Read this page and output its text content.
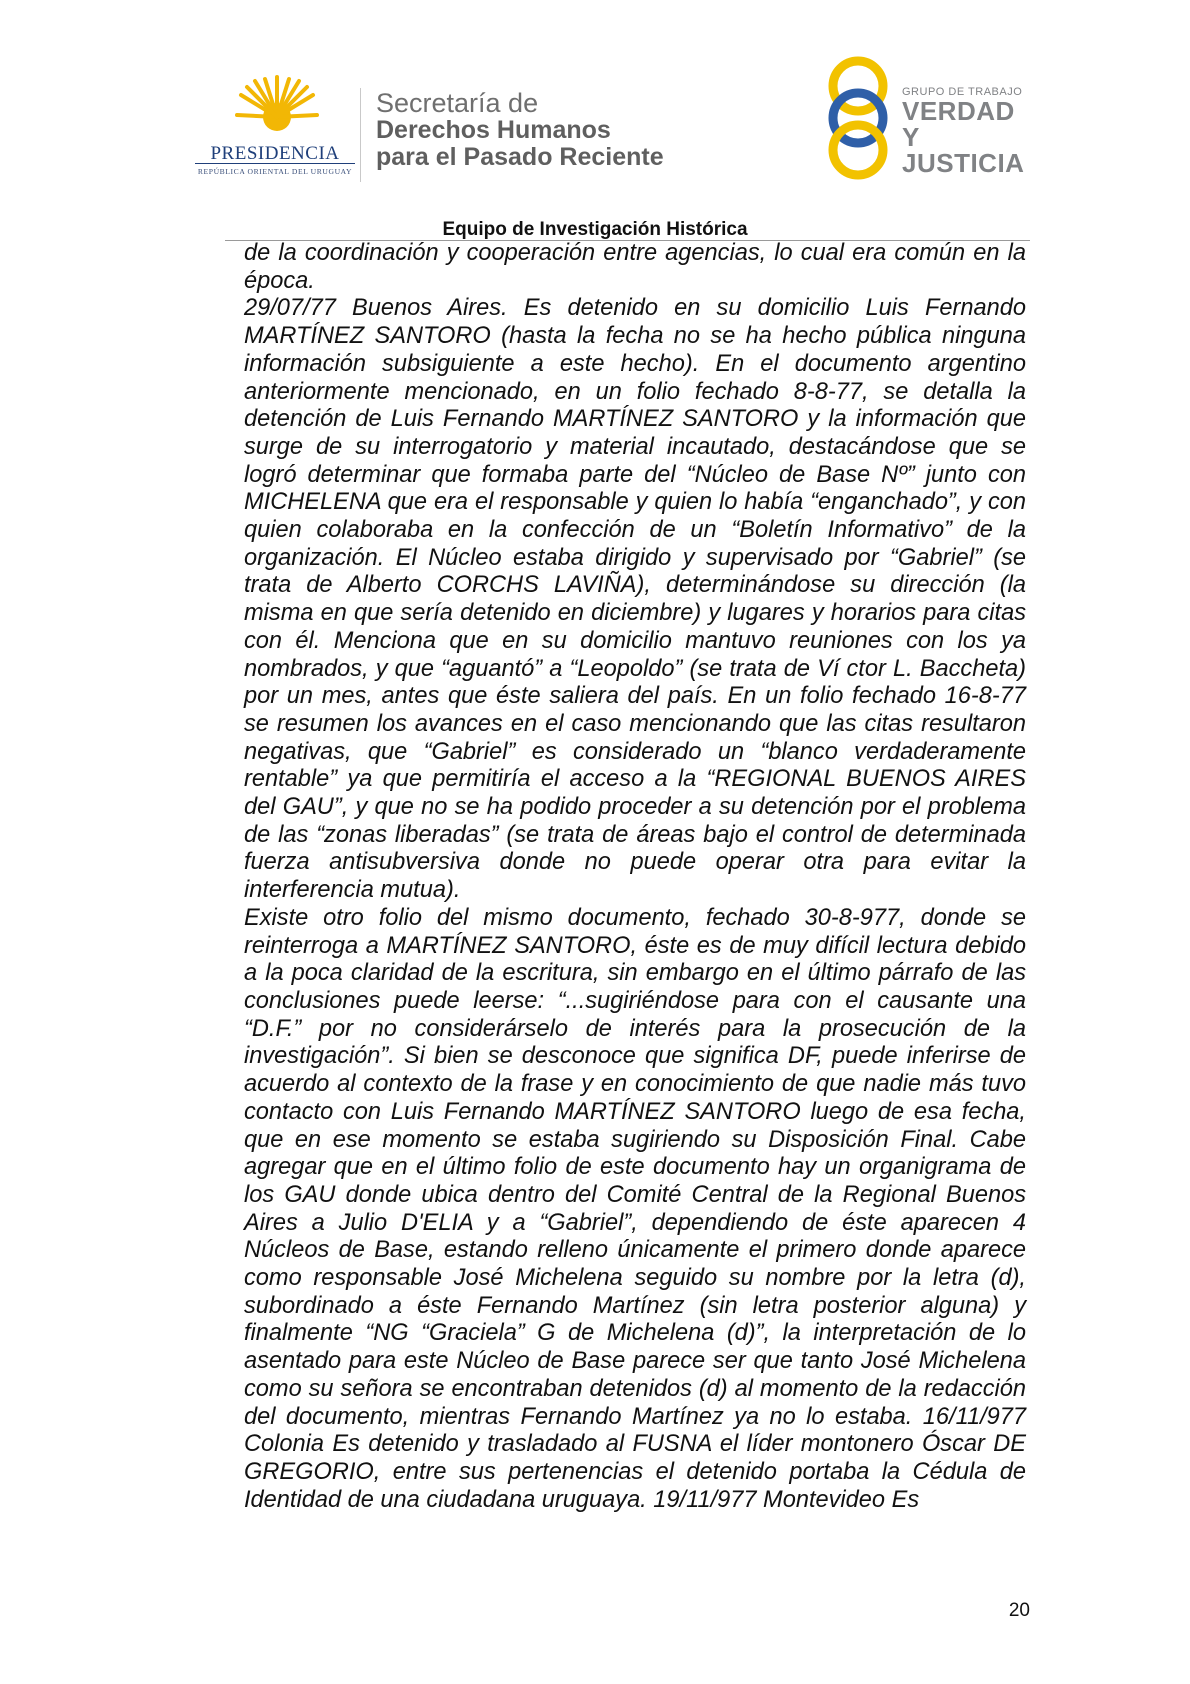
PRESIDENCIA
REPÚBLICA ORIENTAL DEL URUGUAY
Secretaría de
Derechos Humanos
para el Pasado Reciente
GRUPO DE TRABAJO
VERDAD Y
JUSTICIA
Equipo de Investigación Histórica

de la coordinación y cooperación entre agencias, lo cual era común en la época.

29/07/77 Buenos Aires. Es detenido en su domicilio Luis Fernando MARTÍNEZ SANTORO (hasta la fecha no se ha hecho pública ninguna información subsiguiente a este hecho). En el documento argentino anteriormente mencionado, en un folio fechado 8-8-77, se detalla la detención de Luis Fernando MARTÍNEZ SANTORO y la información que surge de su interrogatorio y material incautado, destacándose que se logró determinar que formaba parte del “Núcleo de Base Nº” junto con MICHELENA que era el responsable y quien lo había “enganchado”, y con quien colaboraba en la confección de un “Boletín Informativo” de la organización. El Núcleo estaba dirigido y supervisado por “Gabriel” (se trata de Alberto CORCHS LAVIÑA), determinándose su dirección (la misma en que sería detenido en diciembre) y lugares y horarios para citas con él. Menciona que en su domicilio mantuvo reuniones con los ya nombrados, y que “aguantó” a “Leopoldo” (se trata de Ví ctor L. Baccheta) por un mes, antes que éste saliera del país. En un folio fechado 16-8-77 se resumen los avances en el caso mencionando que las citas resultaron negativas, que “Gabriel” es considerado un “blanco verdaderamente rentable” ya que permitiría el acceso a la “REGIONAL BUENOS AIRES del GAU”, y que no se ha podido proceder a su detención por el problema de las “zonas liberadas” (se trata de áreas bajo el control de determinada fuerza antisubversiva donde no puede operar otra para evitar la interferencia mutua).

Existe otro folio del mismo documento, fechado 30-8-977, donde se reinterroga a MARTÍNEZ SANTORO, éste es de muy difícil lectura debido a la poca claridad de la escritura, sin embargo en el último párrafo de las conclusiones puede leerse: “...sugiriéndose para con el causante una “D.F.” por no considerárselo de interés para la prosecución de la investigación”. Si bien se desconoce que significa DF, puede inferirse de acuerdo al contexto de la frase y en conocimiento de que nadie más tuvo contacto con Luis Fernando MARTÍNEZ SANTORO luego de esa fecha, que en ese momento se estaba sugiriendo su Disposición Final. Cabe agregar que en el último folio de este documento hay un organigrama de los GAU donde ubica dentro del Comité Central de la Regional Buenos Aires a Julio D'ELIA y a “Gabriel”, dependiendo de éste aparecen 4 Núcleos de Base, estando relleno únicamente el primero donde aparece como responsable José Michelena seguido su nombre por la letra (d), subordinado a éste Fernando Martínez (sin letra posterior alguna) y finalmente “NG “Graciela” G de Michelena (d)”, la interpretación de lo asentado para este Núcleo de Base parece ser que tanto José Michelena como su señora se encontraban detenidos (d) al momento de la redacción del documento, mientras Fernando Martínez ya no lo estaba. 16/11/977 Colonia Es detenido y trasladado al FUSNA el líder montonero Óscar DE GREGORIO, entre sus pertenencias el detenido portaba la Cédula de Identidad de una ciudadana uruguaya. 19/11/977 Montevideo Es

20
